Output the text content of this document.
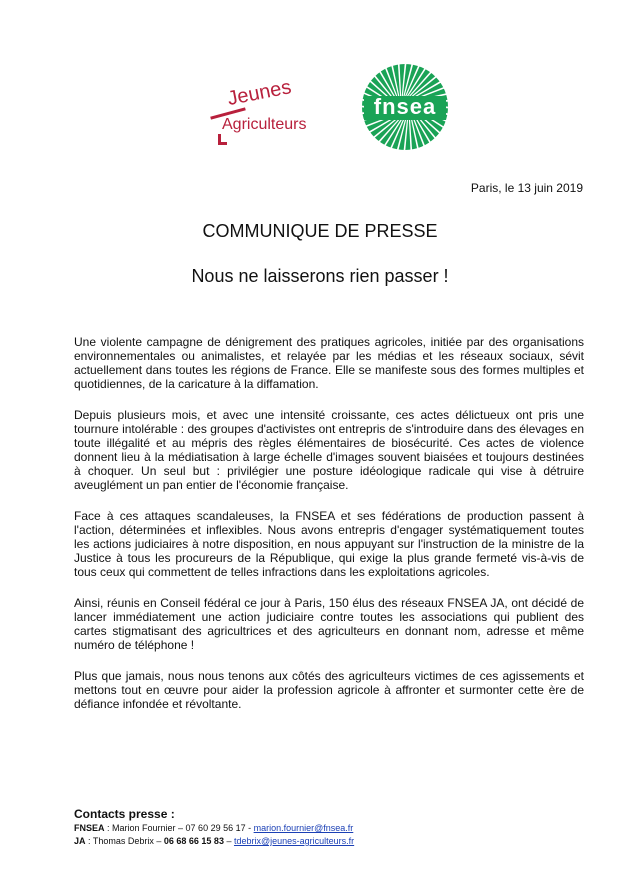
Jeunes
Agriculteurs
fnsea
Paris, le 13 juin 2019
COMMUNIQUE DE PRESSE
Nous ne laisserons rien passer !

Une violente campagne de dénigrement des pratiques agricoles, initiée par des organisations environnementales ou animalistes, et relayée par les médias et les réseaux sociaux, sévit actuellement dans toutes les régions de France. Elle se manifeste sous des formes multiples et quotidiennes, de la caricature à la diffamation.

Depuis plusieurs mois, et avec une intensité croissante, ces actes délictueux ont pris une tournure intolérable : des groupes d'activistes ont entrepris de s'introduire dans des élevages en toute illégalité et au mépris des règles élémentaires de biosécurité. Ces actes de violence donnent lieu à la médiatisation à large échelle d'images souvent biaisées et toujours destinées à choquer. Un seul but : privilégier une posture idéologique radicale qui vise à détruire aveuglément un pan entier de l'économie française.

Face à ces attaques scandaleuses, la FNSEA et ses fédérations de production passent à l'action, déterminées et inflexibles. Nous avons entrepris d'engager systématiquement toutes les actions judiciaires à notre disposition, en nous appuyant sur l'instruction de la ministre de la Justice à tous les procureurs de la République, qui exige la plus grande fermeté vis-à-vis de tous ceux qui commettent de telles infractions dans les exploitations agricoles.

Ainsi, réunis en Conseil fédéral ce jour à Paris, 150 élus des réseaux FNSEA JA, ont décidé de lancer immédiatement une action judiciaire contre toutes les associations qui publient des cartes stigmatisant des agricultrices et des agriculteurs en donnant nom, adresse et même numéro de téléphone !

Plus que jamais, nous nous tenons aux côtés des agriculteurs victimes de ces agissements et mettons tout en œuvre pour aider la profession agricole à affronter et surmonter cette ère de défiance infondée et révoltante.

Contacts presse :

FNSEA : Marion Fournier – 07 60 29 56 17 - marion.fournier@fnsea.fr

JA : Thomas Debrix – 06 68 66 15 83 – tdebrix@jeunes-agriculteurs.fr
